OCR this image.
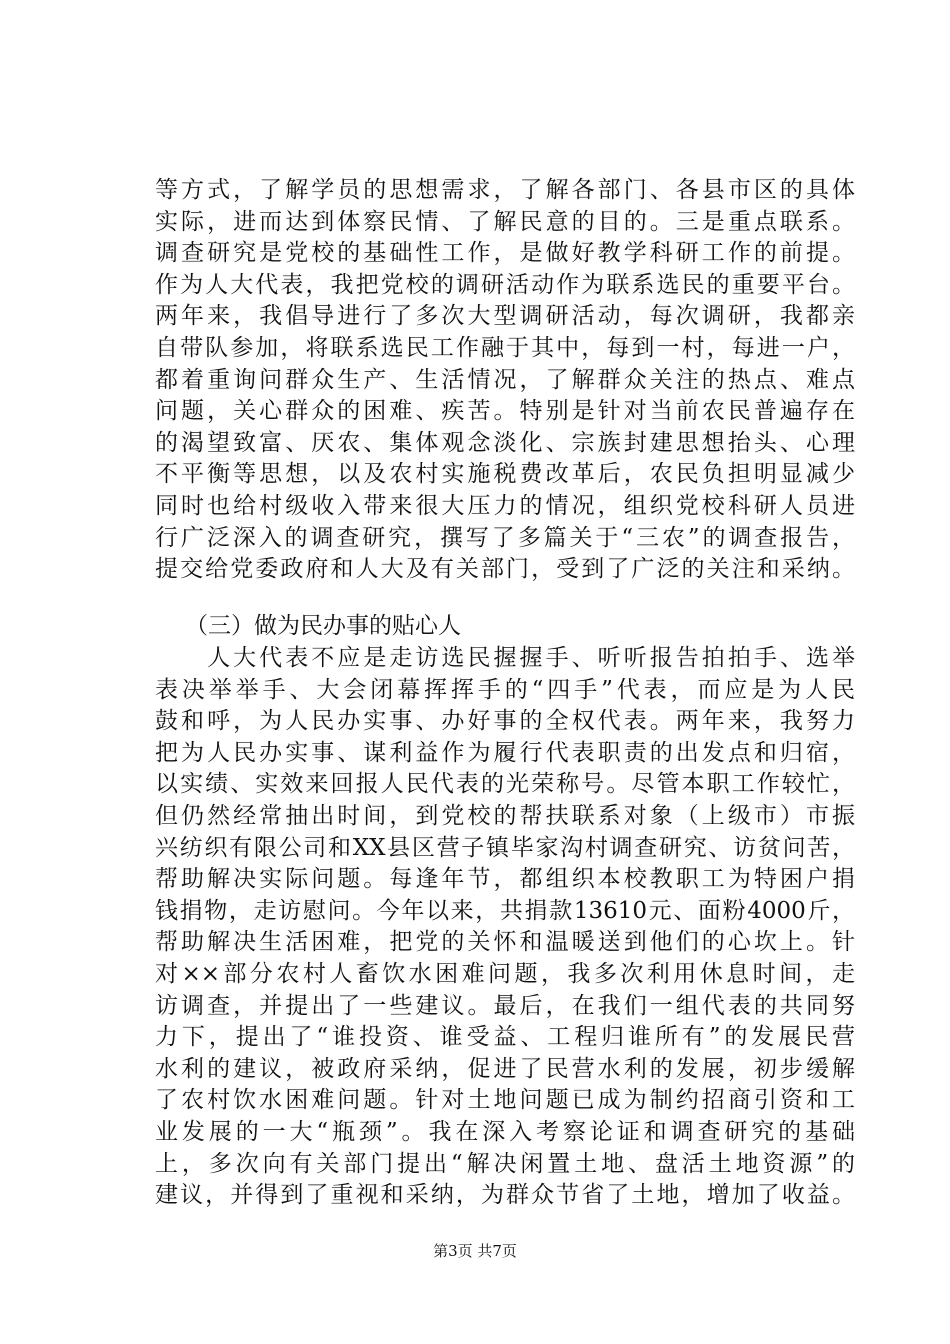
等方式，了解学员的思想需求，了解各部门、各县市区的具体
实际，进而达到体察民情、了解民意的目的。三是重点联系。
调查研究是党校的基础性工作，是做好教学科研工作的前提。
作为人大代表，我把党校的调研活动作为联系选民的重要平台。
两年来，我倡导进行了多次大型调研活动，每次调研，我都亲
自带队参加，将联系选民工作融于其中，每到一村，每进一户，
都着重询问群众生产、生活情况，了解群众关注的热点、难点
问题，关心群众的困难、疾苦。特别是针对当前农民普遍存在
的渴望致富、厌农、集体观念淡化、宗族封建思想抬头、心理
不平衡等思想，以及农村实施税费改革后，农民负担明显减少
同时也给村级收入带来很大压力的情况，组织党校科研人员进
行广泛深入的调查研究，撰写了多篇关于“三农”的调查报告，
提交给党委政府和人大及有关部门，受到了广泛的关注和采纳。
（三）做为民办事的贴心人
　　人大代表不应是走访选民握握手、听听报告拍拍手、选举
表决举举手、大会闭幕挥挥手的“四手”代表，而应是为人民
鼓和呼，为人民办实事、办好事的全权代表。两年来，我努力
把为人民办实事、谋利益作为履行代表职责的出发点和归宿，
以实绩、实效来回报人民代表的光荣称号。尽管本职工作较忙，
但仍然经常抽出时间，到党校的帮扶联系对象（上级市）市振
兴纺织有限公司和XX县区营子镇毕家沟村调查研究、访贫问苦，
帮助解决实际问题。每逢年节，都组织本校教职工为特困户捐
钱捐物，走访慰问。今年以来，共捐款13610元、面粉4000斤，
帮助解决生活困难，把党的关怀和温暖送到他们的心坎上。针
对××部分农村人畜饮水困难问题，我多次利用休息时间，走
访调查，并提出了一些建议。最后，在我们一组代表的共同努
力下，提出了“谁投资、谁受益、工程归谁所有”的发展民营
水利的建议，被政府采纳，促进了民营水利的发展，初步缓解
了农村饮水困难问题。针对土地问题已成为制约招商引资和工
业发展的一大“瓶颈”。我在深入考察论证和调查研究的基础
上，多次向有关部门提出“解决闲置土地、盘活土地资源”的
建议，并得到了重视和采纳，为群众节省了土地，增加了收益。
第3页 共7页
